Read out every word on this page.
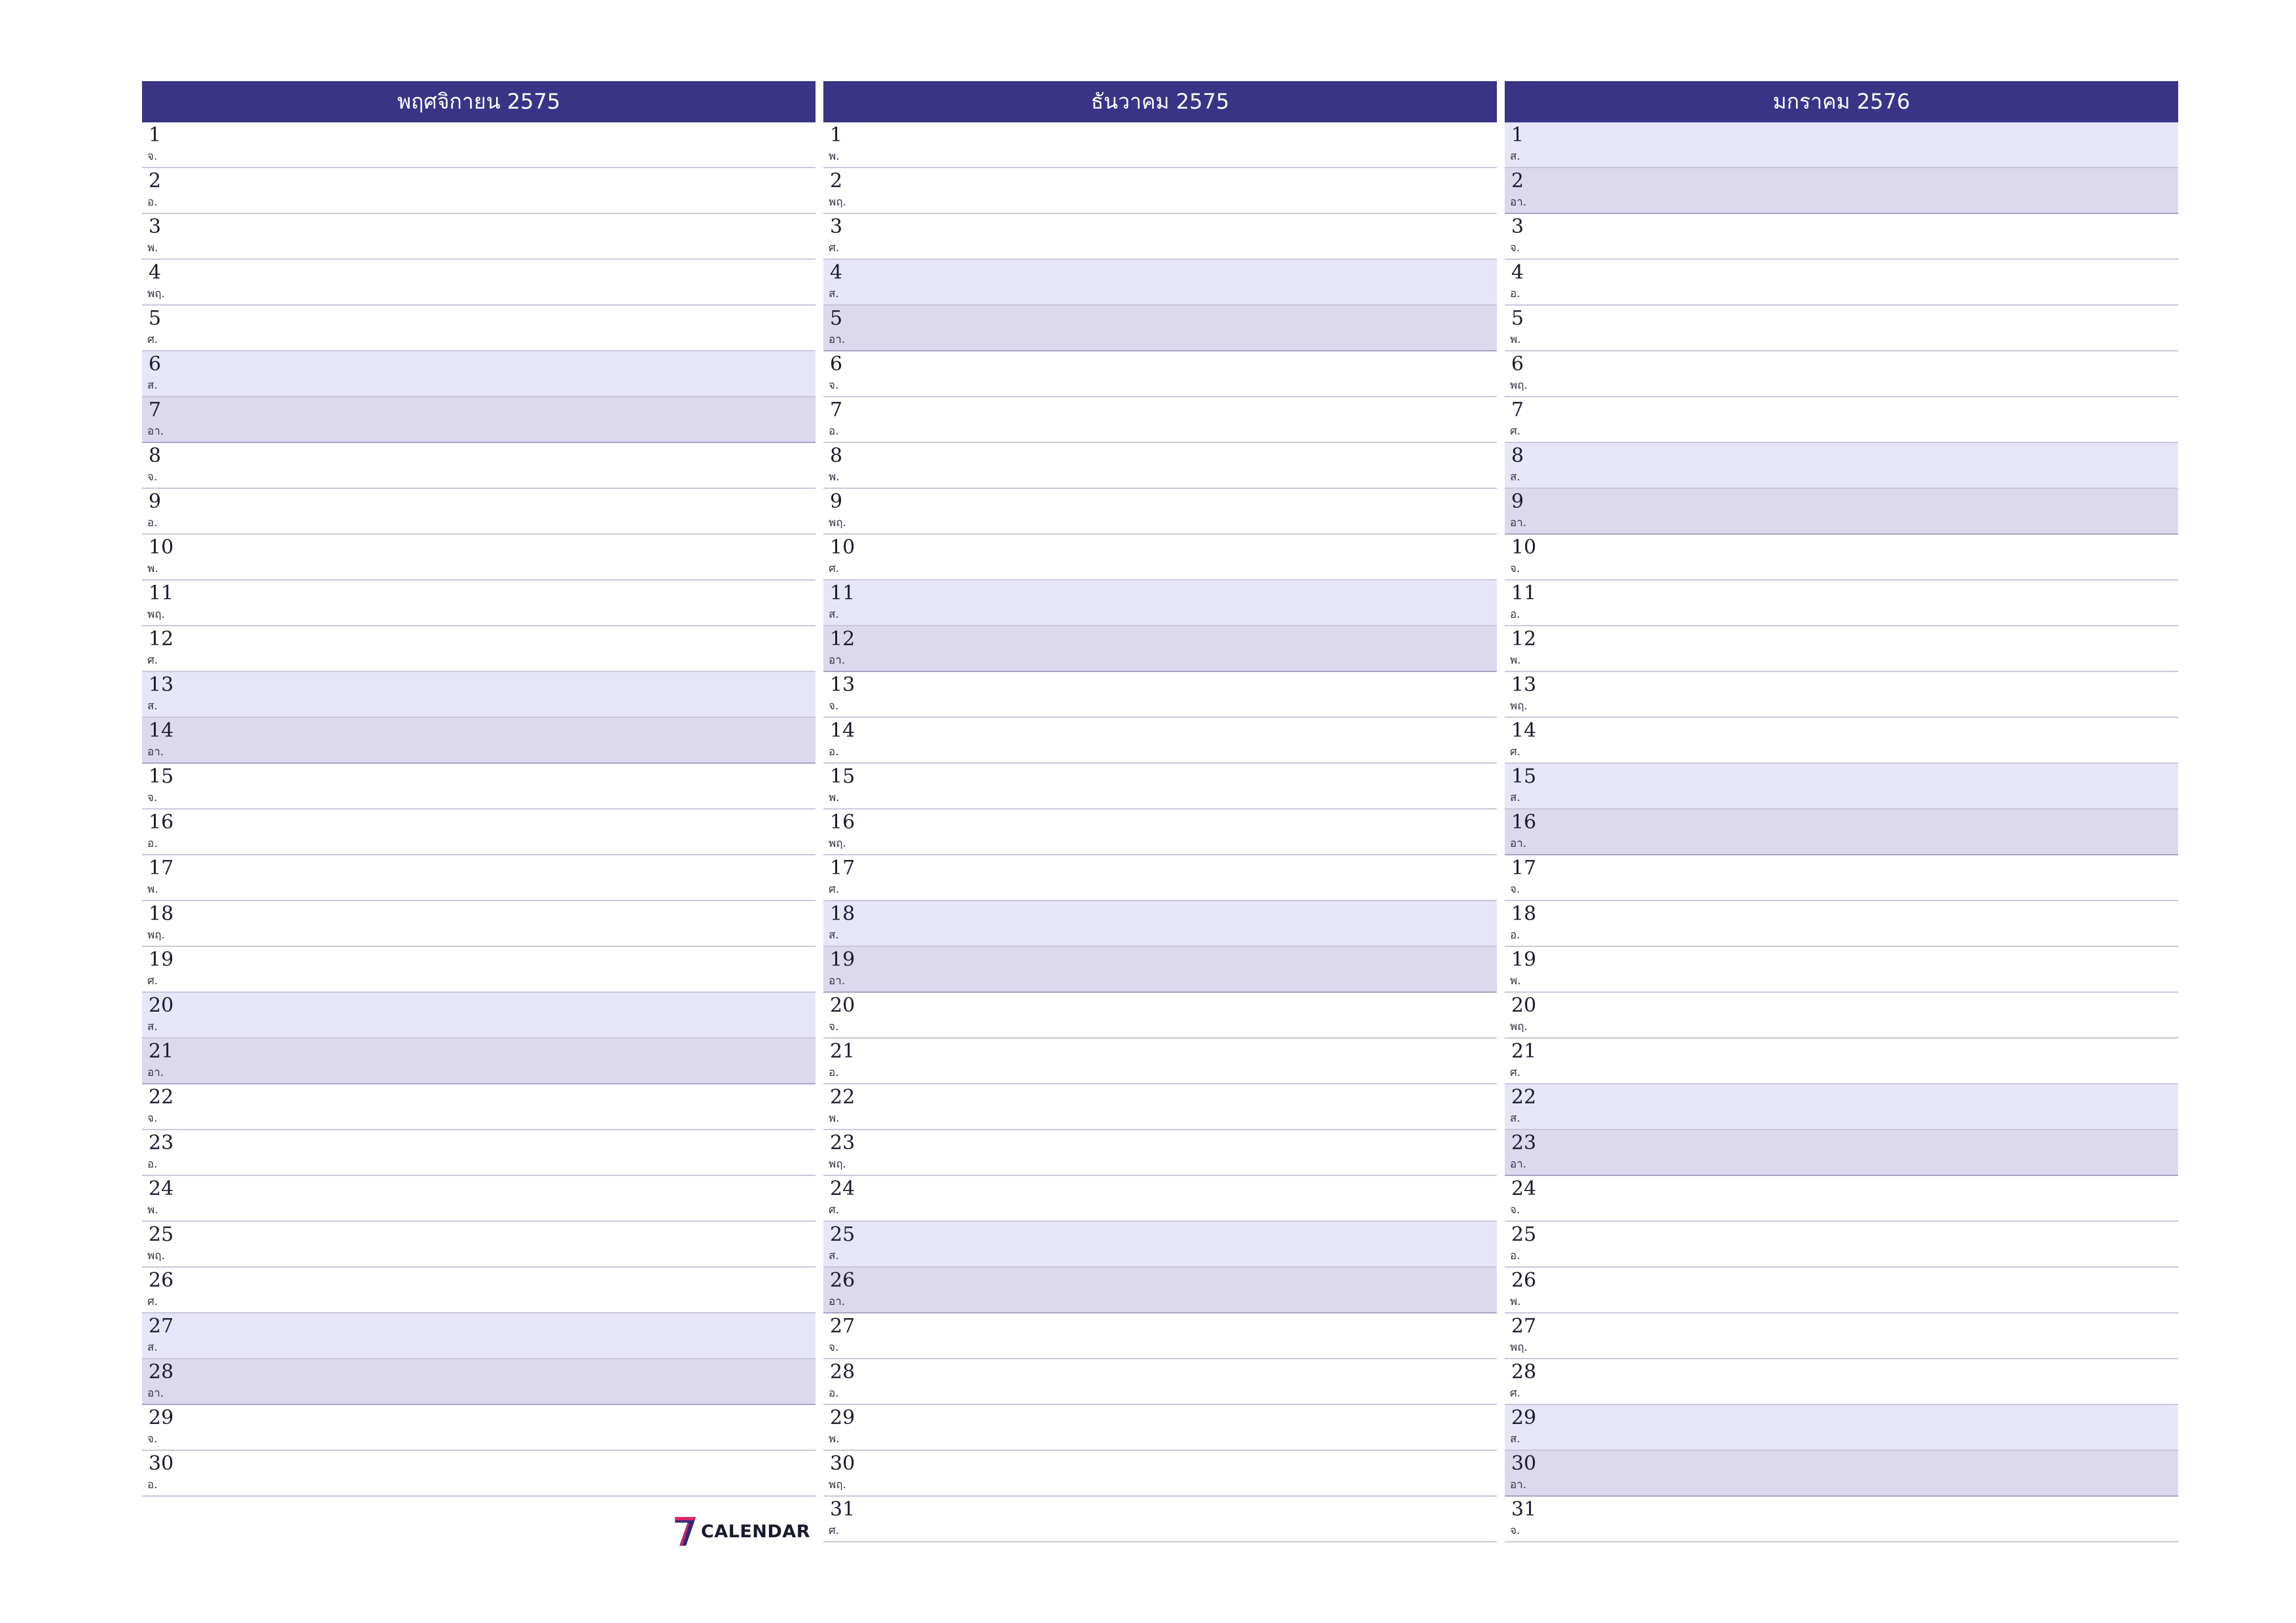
พฤศจิกายน 2575
1
จ.
2
อ.
3
พ.
4
พฤ.
5
ศ.
6
ส.
7
อา.
8
จ.
9
อ.
10
พ.
11
พฤ.
12
ศ.
13
ส.
14
อา.
15
จ.
16
อ.
17
พ.
18
พฤ.
19
ศ.
20
ส.
21
อา.
22
จ.
23
อ.
24
พ.
25
พฤ.
26
ศ.
27
ส.
28
อา.
29
จ.
30
อ.
ธันวาคม 2575
1
พ.
2
พฤ.
3
ศ.
4
ส.
5
อา.
6
จ.
7
อ.
8
พ.
9
พฤ.
10
ศ.
11
ส.
12
อา.
13
จ.
14
อ.
15
พ.
16
พฤ.
17
ศ.
18
ส.
19
อา.
20
จ.
21
อ.
22
พ.
23
พฤ.
24
ศ.
25
ส.
26
อา.
27
จ.
28
อ.
29
พ.
30
พฤ.
31
ศ.
มกราคม 2576
1
ส.
2
อา.
3
จ.
4
อ.
5
พ.
6
พฤ.
7
ศ.
8
ส.
9
อา.
10
จ.
11
อ.
12
พ.
13
พฤ.
14
ศ.
15
ส.
16
อา.
17
จ.
18
อ.
19
พ.
20
พฤ.
21
ศ.
22
ส.
23
อา.
24
จ.
25
อ.
26
พ.
27
พฤ.
28
ศ.
29
ส.
30
อา.
31
จ.
CALENDAR
